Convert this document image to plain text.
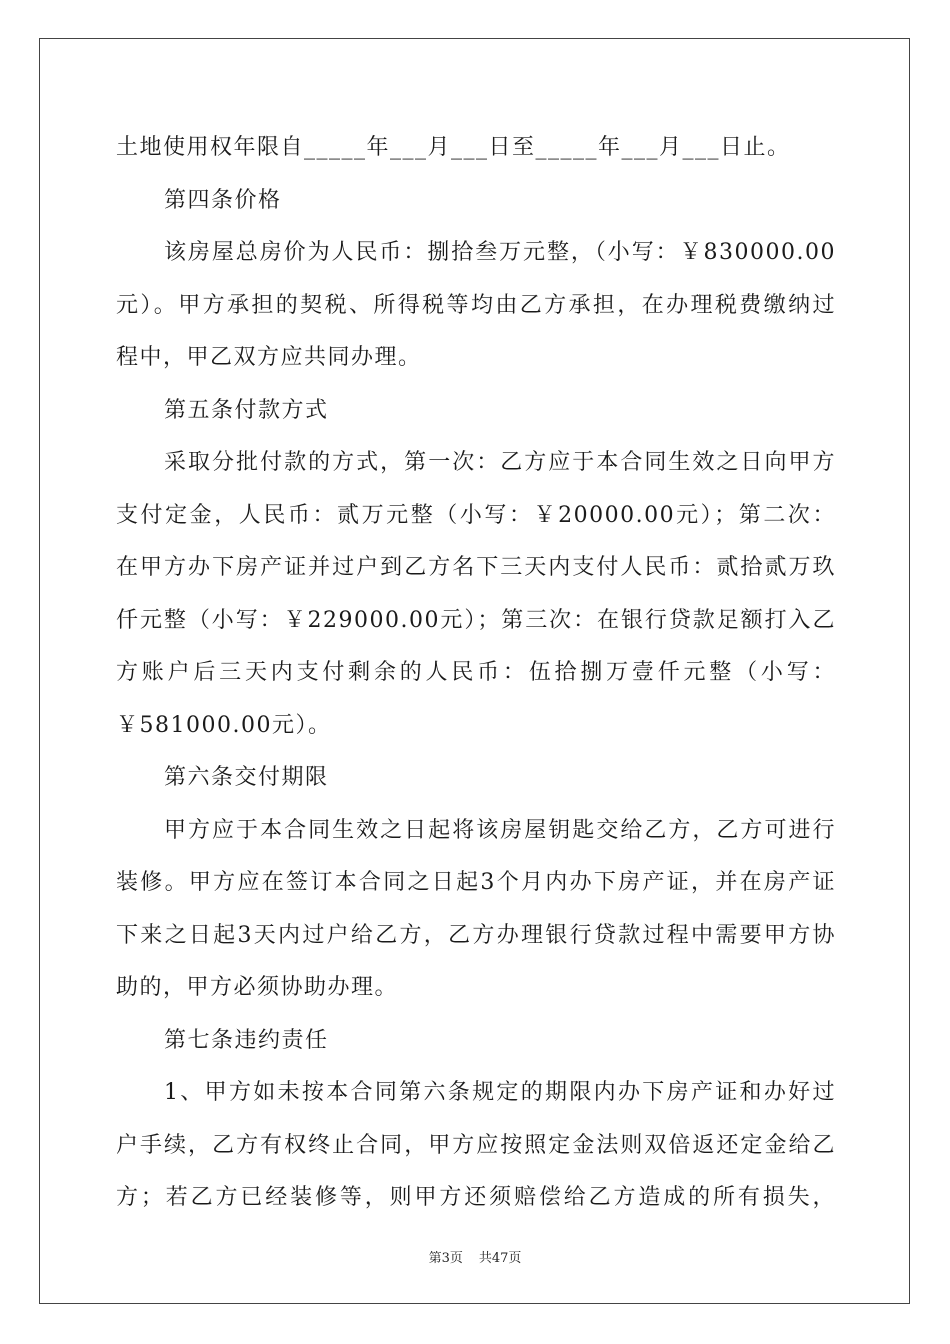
土地使用权年限自_____年___月___日至_____年___月___日止。
第四条价格
该房屋总房价为人民币：捌拾叁万元整，（小写：￥830000.00
元）。甲方承担的契税、所得税等均由乙方承担，在办理税费缴纳过
程中，甲乙双方应共同办理。
第五条付款方式
采取分批付款的方式，第一次：乙方应于本合同生效之日向甲方
支付定金，人民币：贰万元整（小写：￥20000.00元）；第二次：
在甲方办下房产证并过户到乙方名下三天内支付人民币：贰拾贰万玖
仟元整（小写：￥229000.00元）；第三次：在银行贷款足额打入乙
方账户后三天内支付剩余的人民币：伍拾捌万壹仟元整（小写：
￥581000.00元）。
第六条交付期限
甲方应于本合同生效之日起将该房屋钥匙交给乙方，乙方可进行
装修。甲方应在签订本合同之日起3个月内办下房产证，并在房产证
下来之日起3天内过户给乙方，乙方办理银行贷款过程中需要甲方协
助的，甲方必须协助办理。
第七条违约责任
1、甲方如未按本合同第六条规定的期限内办下房产证和办好过
户手续，乙方有权终止合同，甲方应按照定金法则双倍返还定金给乙
方；若乙方已经装修等，则甲方还须赔偿给乙方造成的所有损失，
第3页 共47页
